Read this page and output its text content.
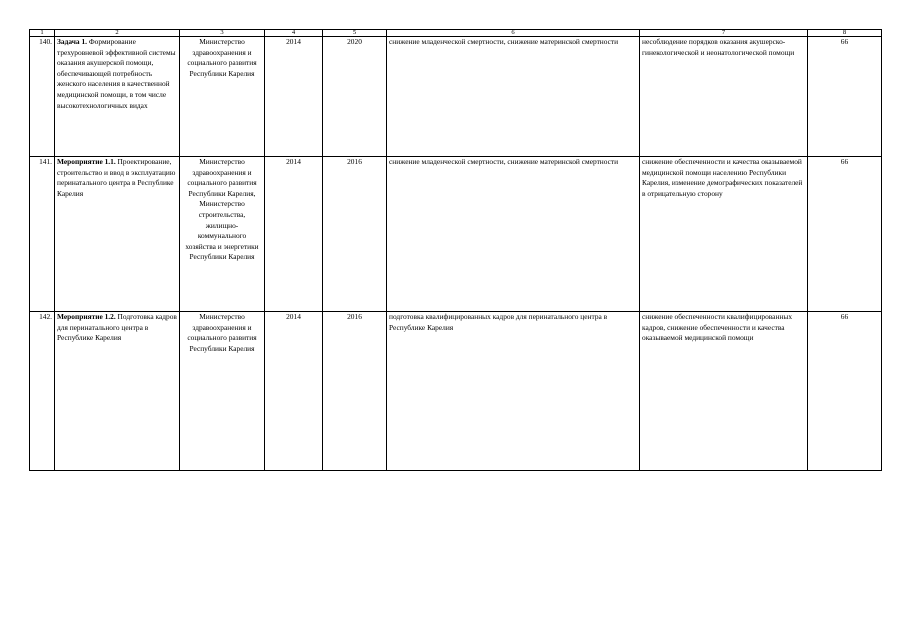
1	2	3	4	5	6	7	8
140.	Задача 1. Формирование трехуровневой эффективной системы оказания акушерской помощи, обеспечивающей потребность женского населения в качественной медицинской помощи, в том числе высокотехнологичных видах	Министерство здравоохранения и социального развития Республики Карелия	2014	2020	снижение младенческой смертности, снижение материнской смертности	несоблюдение порядков оказания акушерско-гинекологической и неонатологической помощи	66
141.	Мероприятие 1.1. Проектирование, строительство и ввод в эксплуатацию перинатального центра в Республике Карелия	Министерство здравоохранения и социального развития Республики Карелия, Министерство строительства, жилищно-коммунального хозяйства и энергетики Республики Карелия	2014	2016	снижение младенческой смертности, снижение материнской смертности	снижение обеспеченности и качества оказываемой медицинской помощи населению Республики Карелия, изменение демографических показателей в отрицательную сторону	66
142.	Мероприятие 1.2. Подготовка кадров для перинатального центра в Республике Карелия	Министерство здравоохранения и социального развития Республики Карелия	2014	2016	подготовка квалифицированных кадров для перинатального центра в Республике Карелия	снижение обеспеченности квалифицированных кадров, снижение обеспеченности и качества оказываемой медицинской помощи	66
